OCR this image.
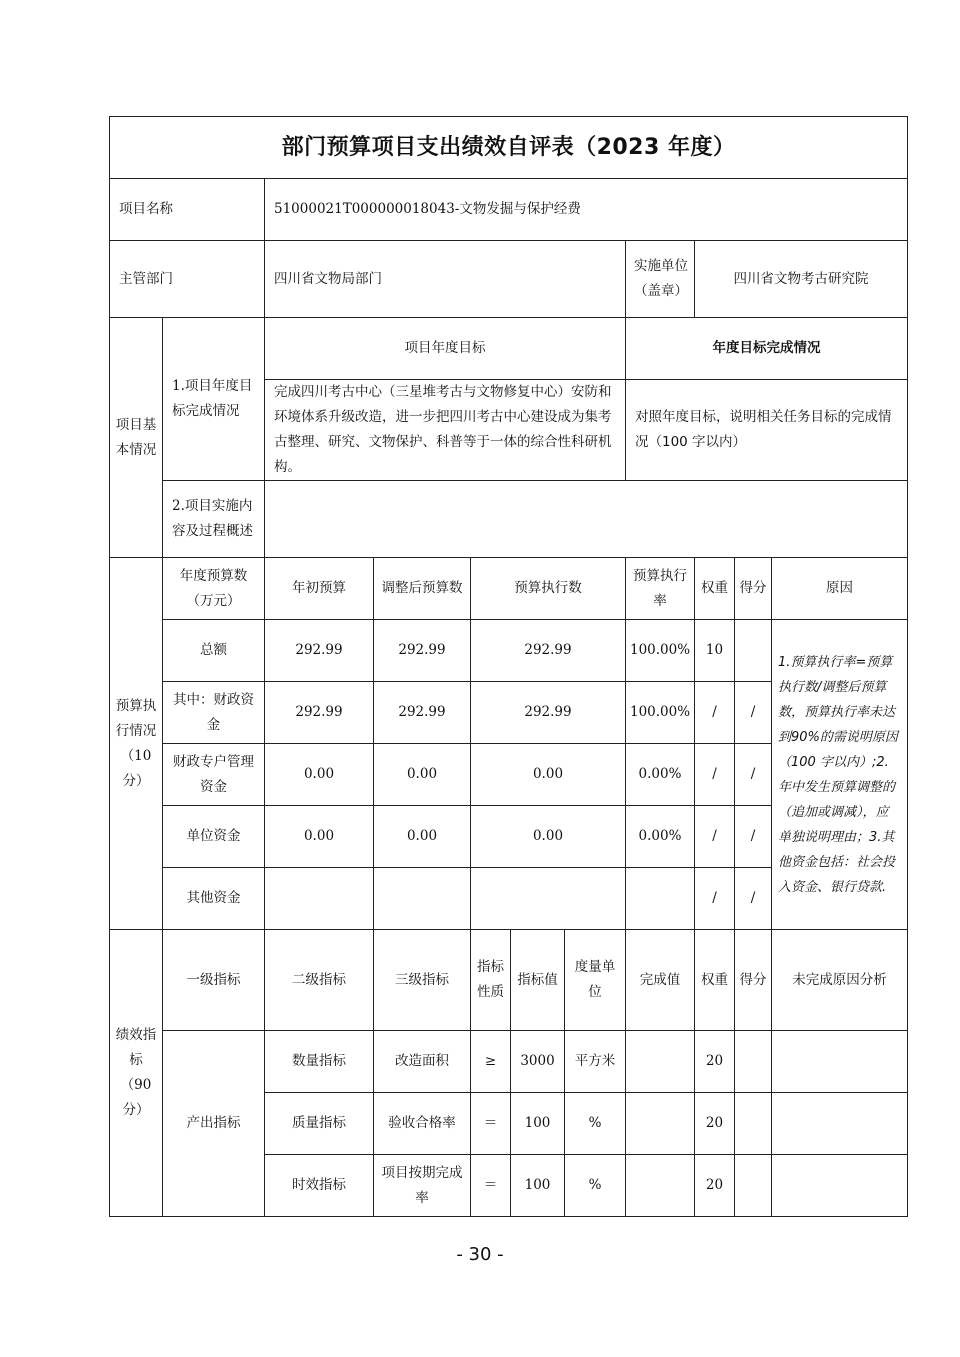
部门预算项目支出绩效自评表（2023 年度）										
项目名称		51000021T000000018043-文物发掘与保护经费								
主管部门		四川省文物局部门					实施单位（盖章）	四川省文物考古研究院		
项目基本情况	1.项目年度目标完成情况	项目年度目标					年度目标完成情况			
		完成四川考古中心（三星堆考古与文物修复中心）安防和环境体系升级改造，进一步把四川考古中心建设成为集考古整理、研究、文物保护、科普等于一体的综合性科研机构。					对照年度目标，说明相关任务目标的完成情况（100 字以内）			
	2.项目实施内容及过程概述									
预算执行情况（10分）	年度预算数（万元）	年初预算	调整后预算数	预算执行数			预算执行率	权重	得分	原因
	总额	292.99	292.99	292.99			100.00%	10		1.预算执行率=预算执行数/调整后预算数，预算执行率未达到90%的需说明原因（100 字以内）;2.年中发生预算调整的（追加或调减），应单独说明理由；3.其他资金包括：社会投入资金、银行贷款.
	其中：财政资金	292.99	292.99	292.99			100.00%	/	/	
	财政专户管理资金	0.00	0.00	0.00			0.00%	/	/	
	单位资金	0.00	0.00	0.00			0.00%	/	/	
	其他资金							/	/	
绩效指标（90分）	一级指标	二级指标	三级指标	指标性质	指标值	度量单位	完成值	权重	得分	未完成原因分析
	产出指标	数量指标	改造面积	≥	3000	平方米		20		
		质量指标	验收合格率	＝	100	%		20		
		时效指标	项目按期完成率	＝	100	%		20		
- 30 -
